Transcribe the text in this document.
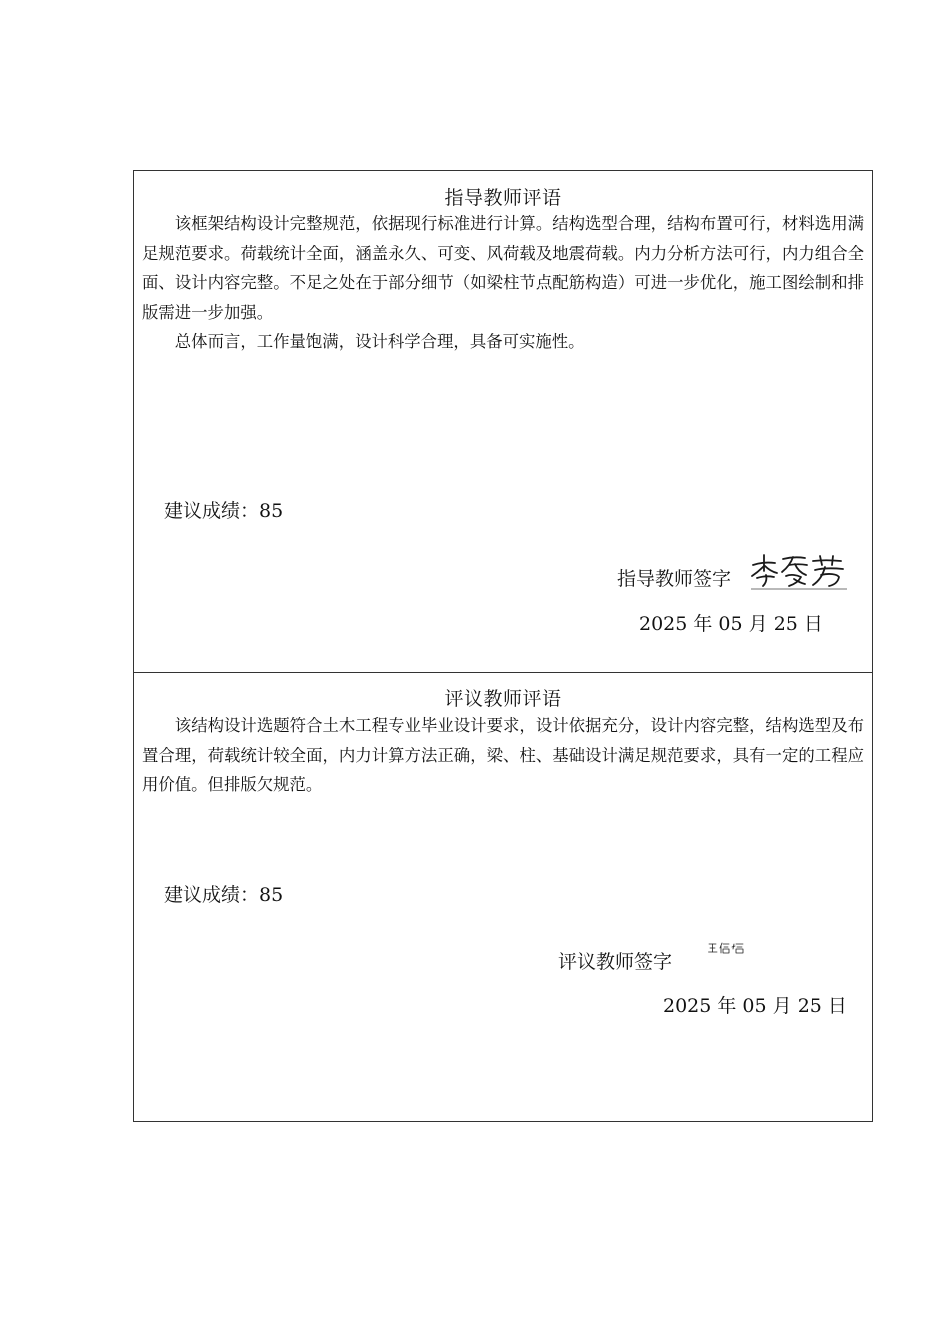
指导教师评语

该框架结构设计完整规范，依据现行标准进行计算。结构选型合理，结构布置可行，材料选用满足规范要求。荷载统计全面，涵盖永久、可变、风荷载及地震荷载。内力分析方法可行，内力组合全面、设计内容完整。不足之处在于部分细节（如梁柱节点配筋构造）可进一步优化，施工图绘制和排版需进一步加强。

总体而言，工作量饱满，设计科学合理，具备可实施性。

建议成绩：85
指导教师签字
2025 年 05 月 25 日
评议教师评语

该结构设计选题符合土木工程专业毕业设计要求，设计依据充分，设计内容完整，结构选型及布置合理，荷载统计较全面，内力计算方法正确，梁、柱、基础设计满足规范要求，具有一定的工程应用价值。但排版欠规范。

建议成绩：85
评议教师签字
2025 年 05 月 25 日
